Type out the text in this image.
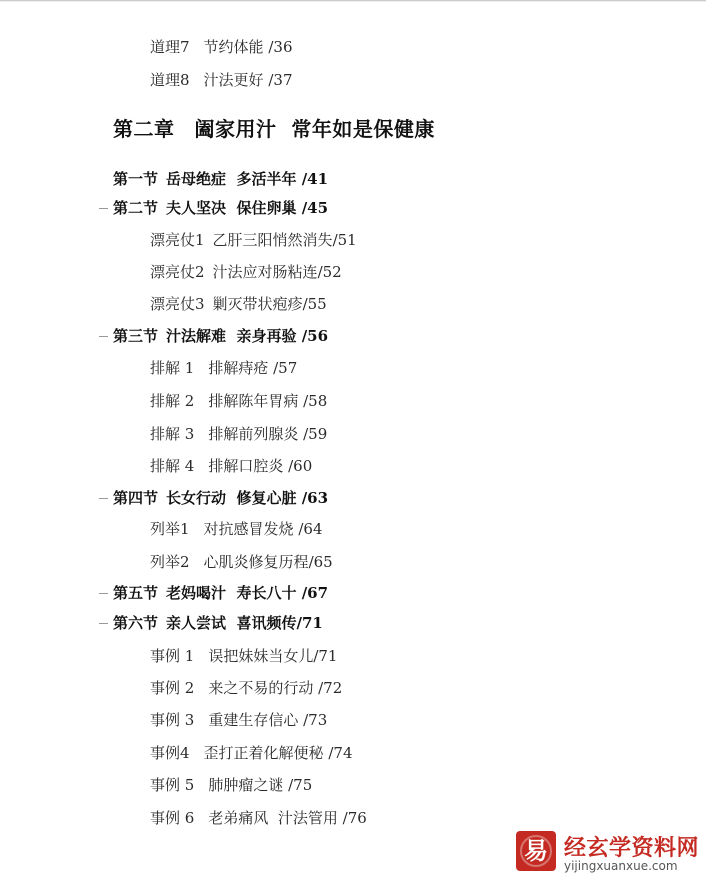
道理7 节约体能 /36
道理8 汁法更好 /37
第二章 阖家用汁  常年如是保健康
第一节 岳母绝症  多活半年 /41
第二节 夫人坚决  保住卵巢 /45
漂亮仗1 乙肝三阳悄然消失/51
漂亮仗2 汁法应对肠粘连/52
漂亮仗3 剿灭带状疱疹/55
第三节 汁法解难  亲身再验 /56
排解 1 排解痔疮 /57
排解 2 排解陈年胃病 /58
排解 3 排解前列腺炎 /59
排解 4 排解口腔炎 /60
第四节 长女行动  修复心脏 /63
列举1 对抗感冒发烧 /64
列举2 心肌炎修复历程/65
第五节 老妈喝汁  寿长八十 /67
第六节 亲人尝试  喜讯频传/71
事例 1 误把妹妹当女儿/71
事例 2 来之不易的行动 /72
事例 3 重建生存信心 /73
事例4 歪打正着化解便秘 /74
事例 5 肺肿瘤之谜 /75
事例 6 老弟痛风  汁法管用 /76
易 经玄学资料网
yijingxuanxue.com
